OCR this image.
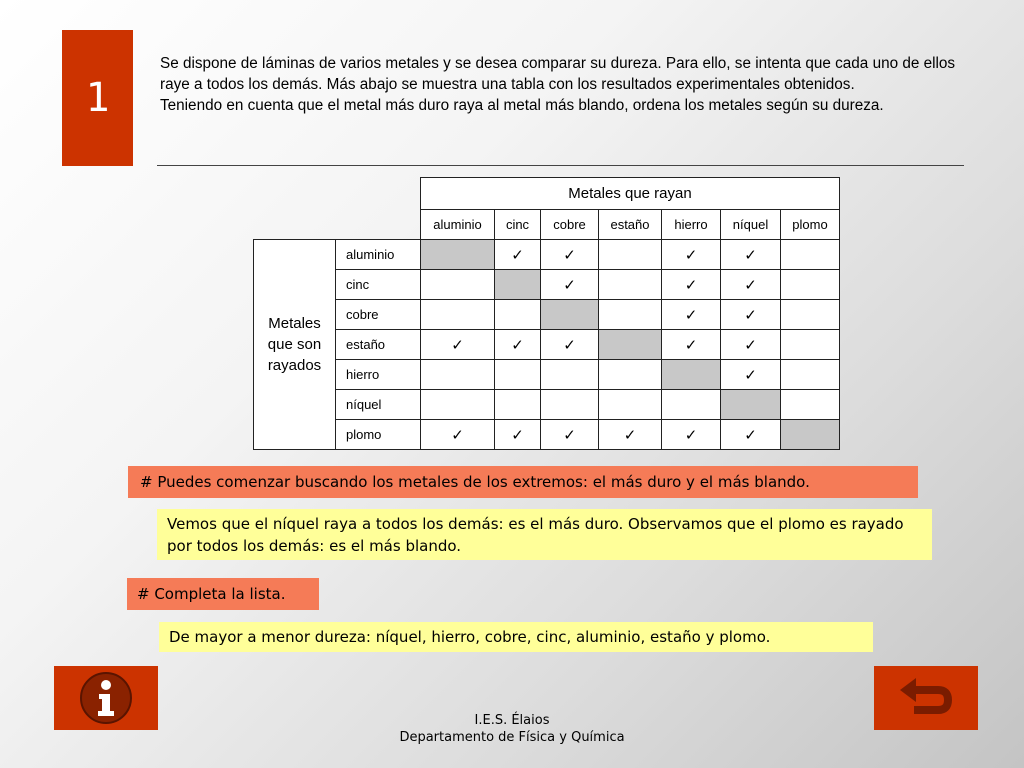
1

Se dispone de láminas de varios metales y se desea comparar su dureza. Para ello, se intenta que cada uno de ellos raye a todos los demás. Más abajo se muestra una tabla con los resultados experimentales obtenidos.

Teniendo en cuenta que el metal más duro raya al metal más blando, ordena los metales según su dureza.

		Metales que rayan						
		aluminio	cinc	cobre	estaño	hierro	níquel	plomo
Metales que son rayados	aluminio		✓	✓		✓	✓	
	cinc			✓		✓	✓	
	cobre					✓	✓	
	estaño	✓	✓	✓		✓	✓	
	hierro						✓	
	níquel							
	plomo	✓	✓	✓	✓	✓	✓	
# Puedes comenzar buscando los metales de los extremos: el más duro y el más blando.
Vemos que el níquel raya a todos los demás: es el más duro. Observamos que el plomo es rayado por todos los demás: es el más blando.
# Completa la lista.
De mayor a menor dureza: níquel, hierro, cobre, cinc, aluminio, estaño y plomo.
I.E.S. Élaios
Departamento de Física y Química
